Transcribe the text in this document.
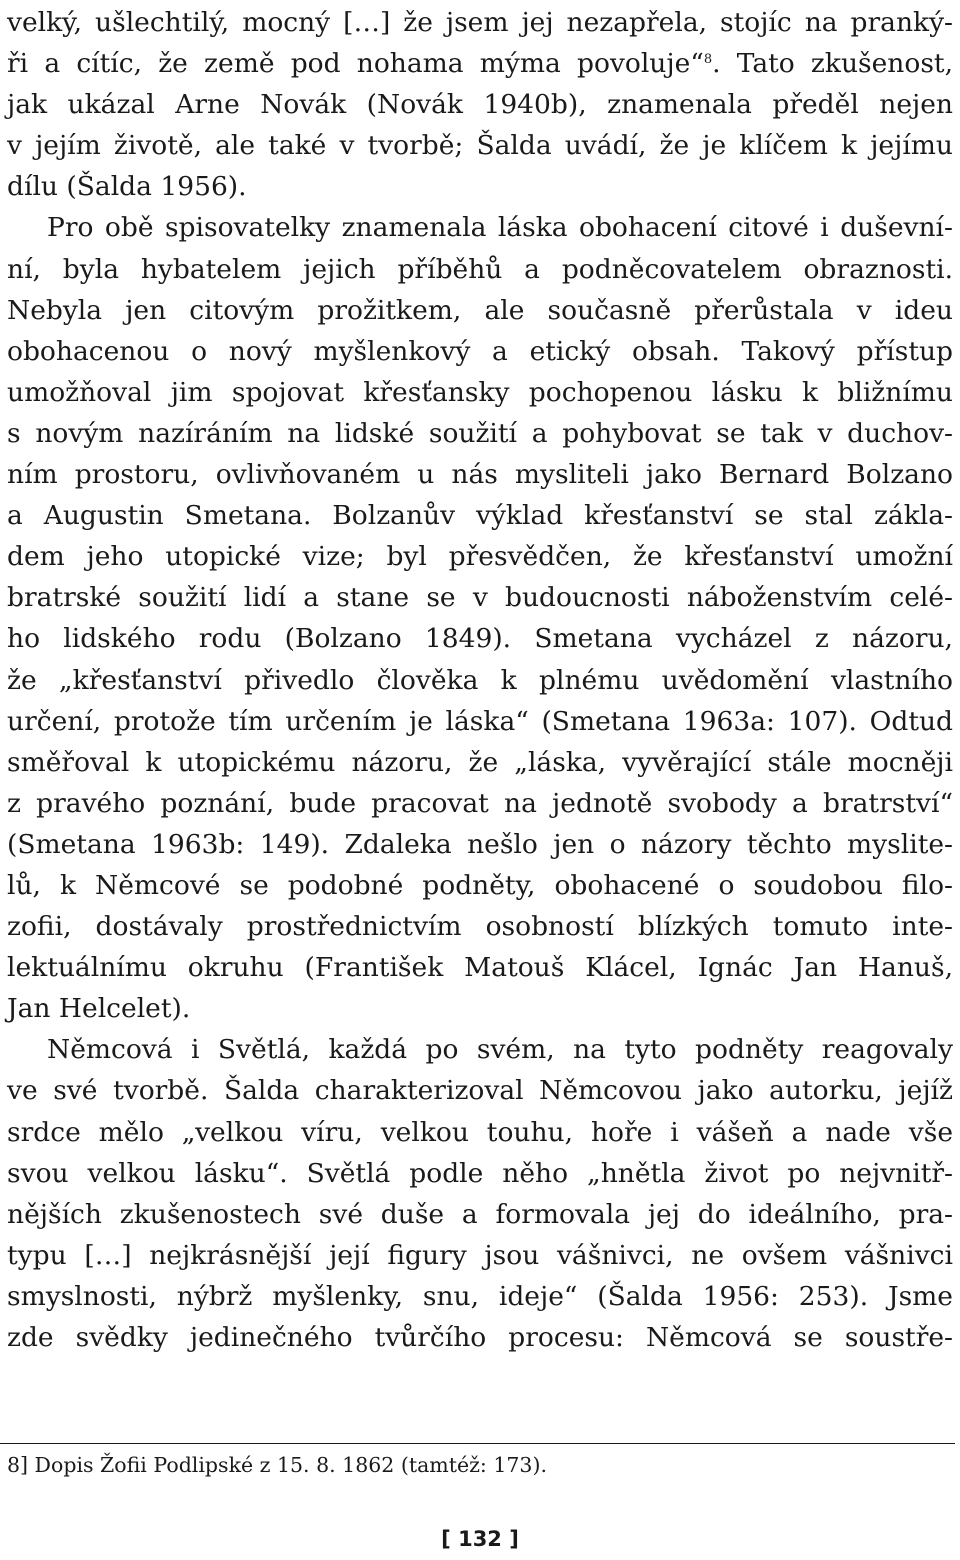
velký, ušlechtilý, mocný […] že jsem jej nezapřela, stojíc na pranký-
ři a cítíc, že země pod nohama mýma povoluje“$^8$. Tato zkušenost,
jak ukázal Arne Novák (Novák 1940b), znamenala předěl nejen
v jejím životě, ale také v tvorbě; Šalda uvádí, že je klíčem k jejímu
dílu (Šalda 1956).
Pro obě spisovatelky znamenala láska obohacení citové i duševní-
ní, byla hybatelem jejich příběhů a podněcovatelem obraznosti.
Nebyla jen citovým prožitkem, ale současně přerůstala v ideu
obohacenou o nový myšlenkový a etický obsah. Takový přístup
umožňoval jim spojovat křesťansky pochopenou lásku k bližnímu
s novým nazíráním na lidské soužití a pohybovat se tak v duchov-
ním prostoru, ovlivňovaném u nás mysliteli jako Bernard Bolzano
a Augustin Smetana. Bolzanův výklad křesťanství se stal zákla-
dem jeho utopické vize; byl přesvědčen, že křesťanství umožní
bratrské soužití lidí a stane se v budoucnosti náboženstvím celé-
ho lidského rodu (Bolzano 1849). Smetana vycházel z názoru,
že „křesťanství přivedlo člověka k plnému uvědomění vlastního
určení, protože tím určením je láska“ (Smetana 1963a: 107). Odtud
směřoval k utopickému názoru, že „láska, vyvěrající stále mocněji
z pravého poznání, bude pracovat na jednotě svobody a bratrství“
(Smetana 1963b: 149). Zdaleka nešlo jen o názory těchto myslite-
lů, k Němcové se podobné podněty, obohacené o soudobou filo-
zofii, dostávaly prostřednictvím osobností blízkých tomuto inte-
lektuálnímu okruhu (František Matouš Klácel, Ignác Jan Hanuš,
Jan Helcelet).
Němcová i Světlá, každá po svém, na tyto podněty reagovaly
ve své tvorbě. Šalda charakterizoval Němcovou jako autorku, jejíž
srdce mělo „velkou víru, velkou touhu, hoře i vášeň a nade vše
svou velkou lásku“. Světlá podle něho „hnětla život po nejvnitř-
nějších zkušenostech své duše a formovala jej do ideálního, pra-
typu […] nejkrásnější její figury jsou vášnivci, ne ovšem vášnivci
smyslnosti, nýbrž myšlenky, snu, ideje“ (Šalda 1956: 253). Jsme
zde svědky jedinečného tvůrčího procesu: Němcová se soustře-
8] Dopis Žofii Podlipské z 15. 8. 1862 (tamtéž: 173).
[ 132 ]
